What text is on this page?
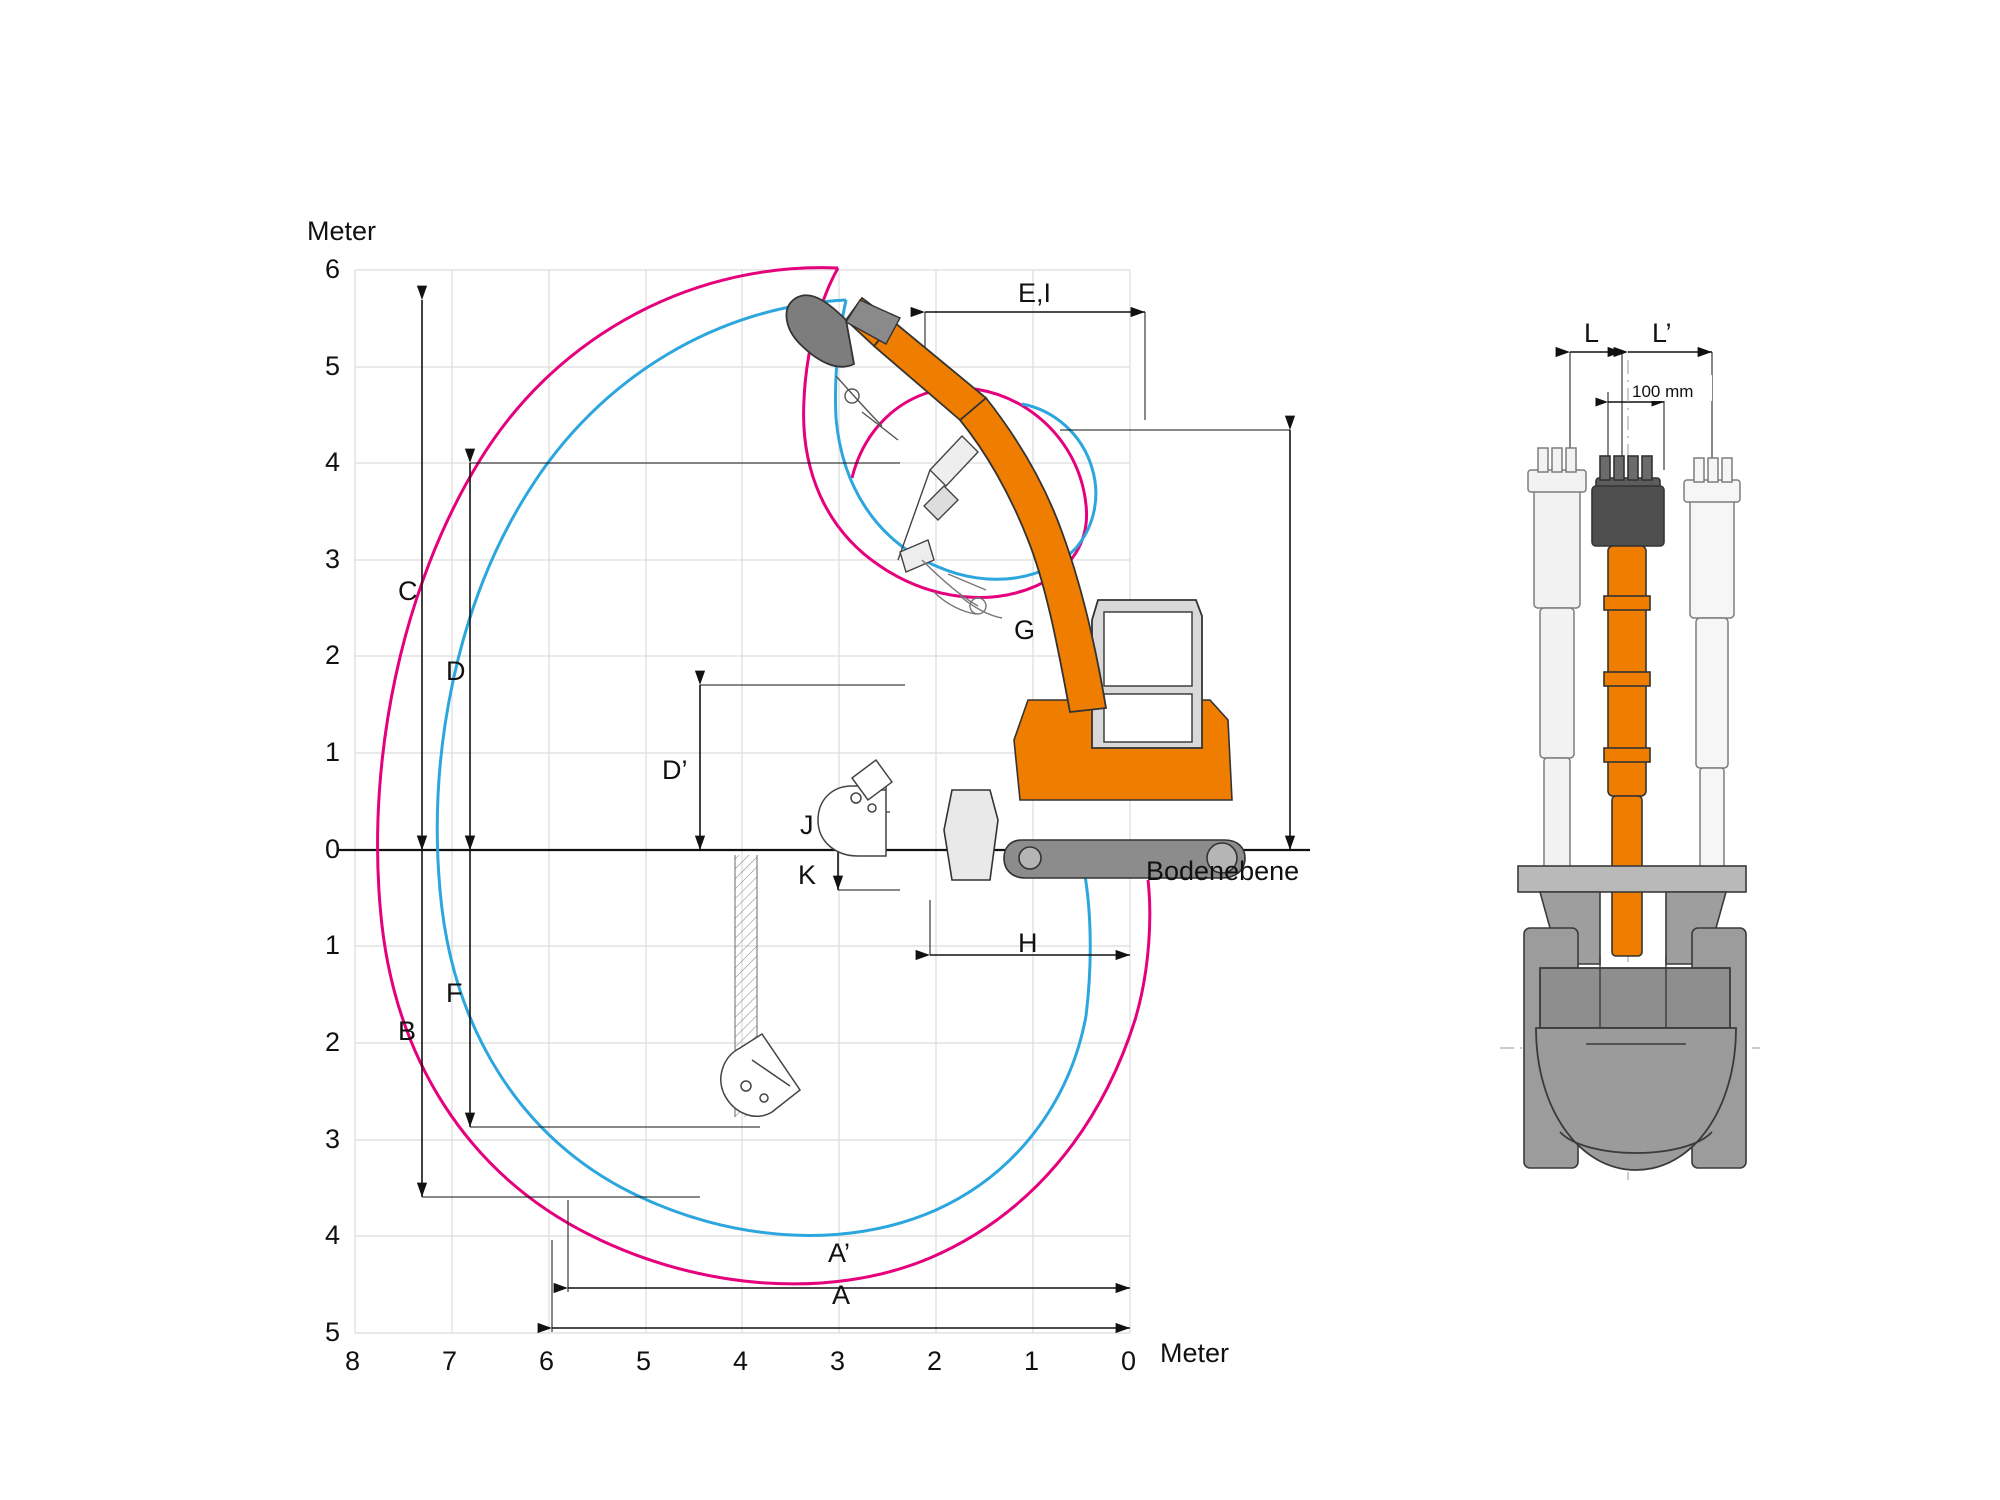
Meter
Meter
6
5
4
3
2
1
0
1
2
3
4
5
8	7	6	5	4	3	2	1	0
C
D
D’
B
F
G
E,I
H
J
K
A’
A
Bodenebene
L L’
100 mm
